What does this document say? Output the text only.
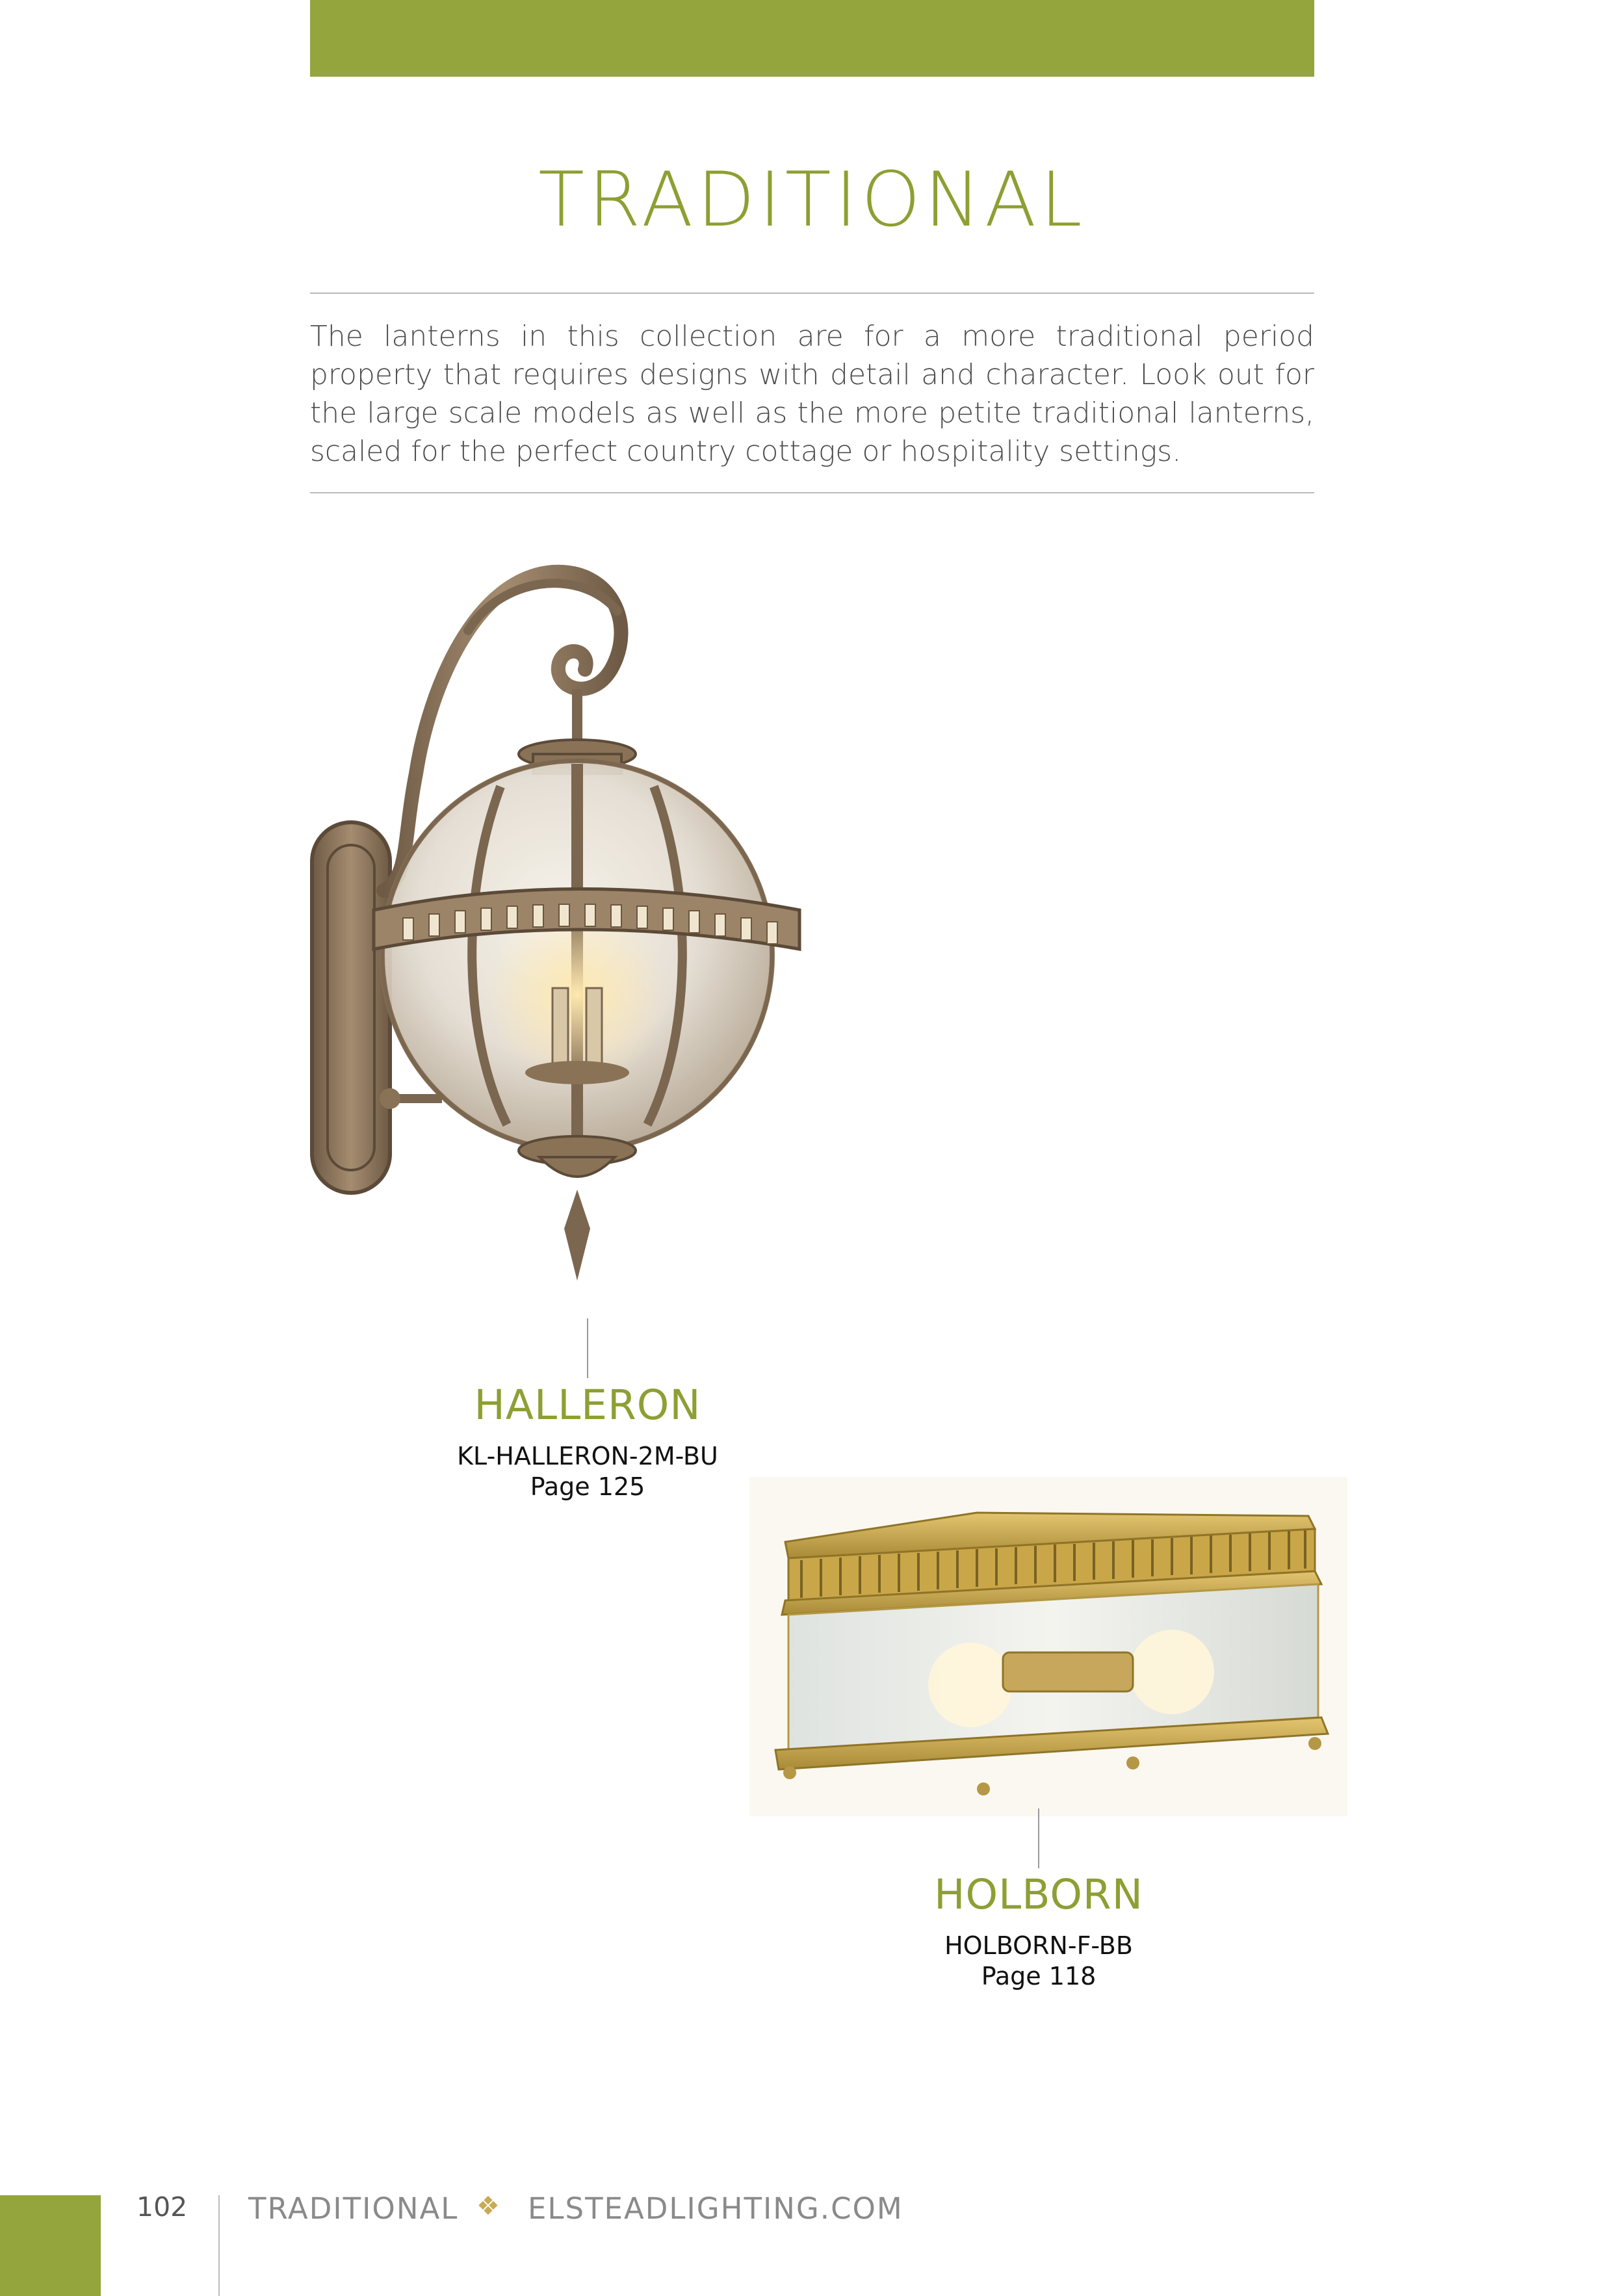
TRADITIONAL

The lanterns in this collection are for a more traditional period property that requires designs with detail and character. Look out for the large scale models as well as the more petite traditional lanterns, scaled for the perfect country cottage or hospitality settings.

HALLERON
KL-HALLERON-2M-BU
Page 125
HOLBORN
HOLBORN-F-BB
Page 118
102 TRADITIONAL ❖ ELSTEADLIGHTING.COM
